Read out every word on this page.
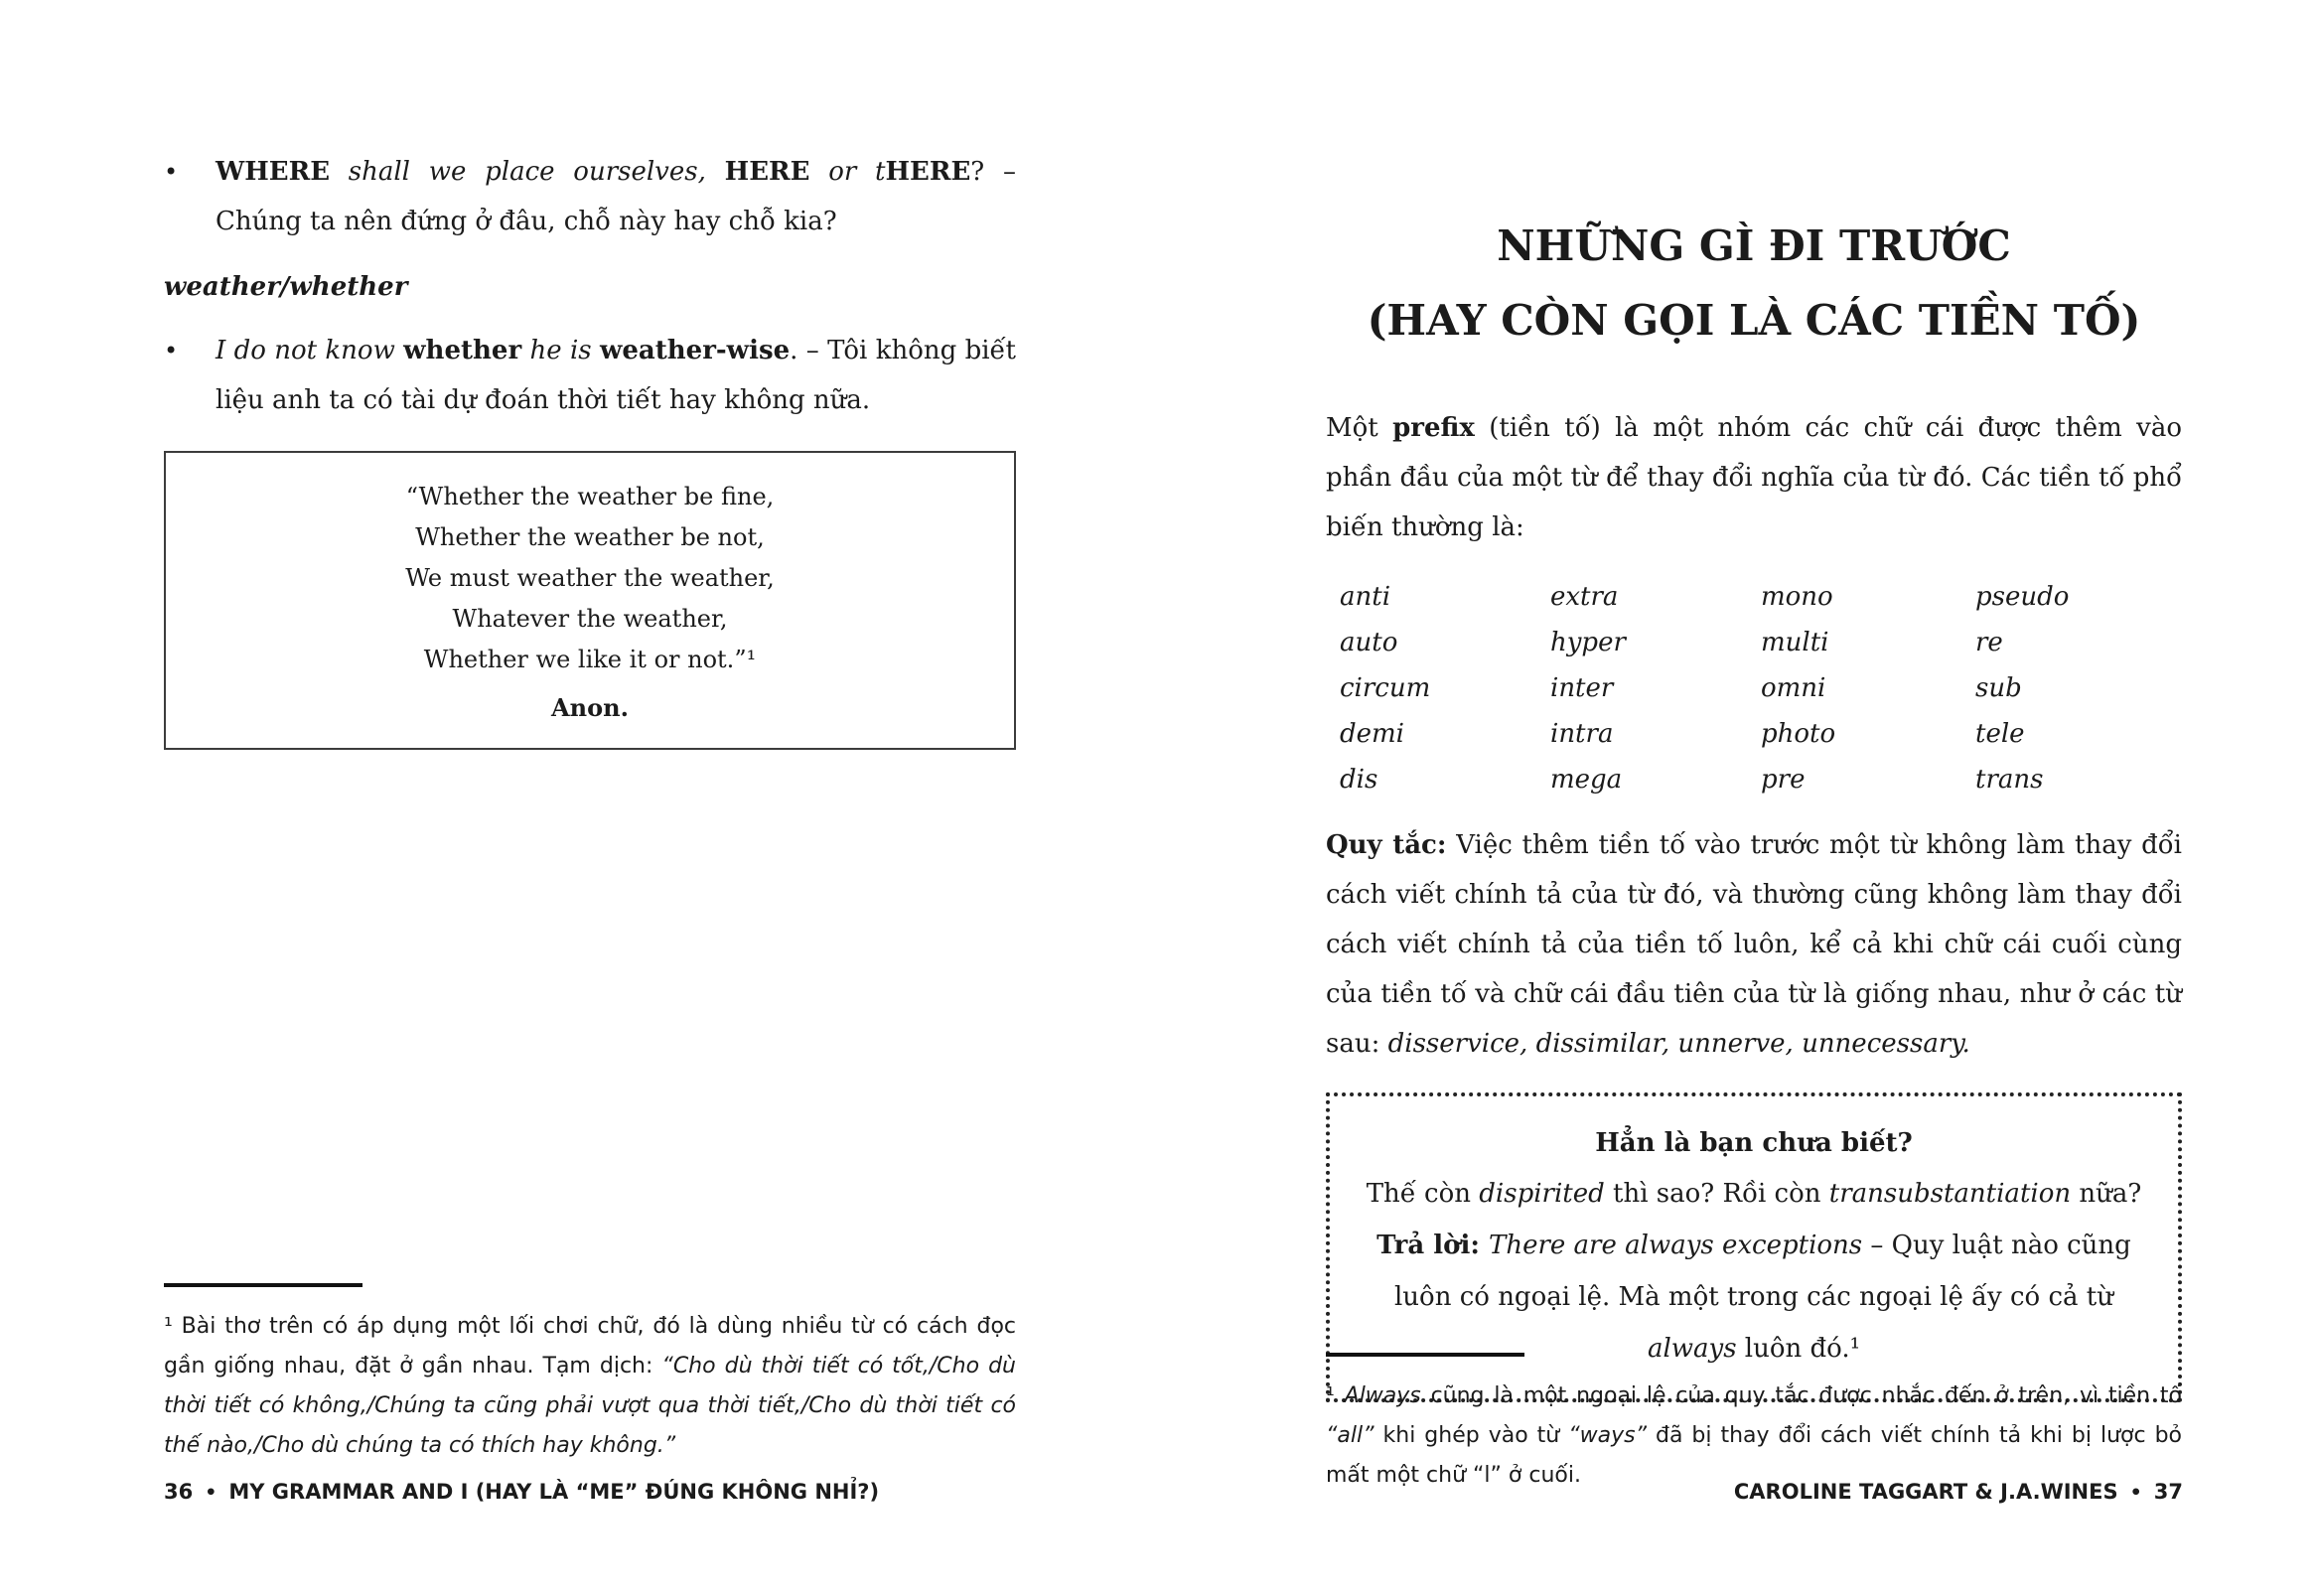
•	WHERE shall we place ourselves, HERE or tHERE? – Chúng ta nên đứng ở đâu, chỗ này hay chỗ kia?

weather/whether

•	I do not know whether he is weather-wise. – Tôi không biết liệu anh ta có tài dự đoán thời tiết hay không nữa.

“Whether the weather be fine,

Whether the weather be not,

We must weather the weather,

Whatever the weather,

Whether we like it or not.”¹

Anon.

¹ Bài thơ trên có áp dụng một lối chơi chữ, đó là dùng nhiều từ có cách đọc gần giống nhau, đặt ở gần nhau. Tạm dịch: “Cho dù thời tiết có tốt,/Cho dù thời tiết có không,/Chúng ta cũng phải vượt qua thời tiết,/Cho dù thời tiết có thế nào,/Cho dù chúng ta có thích hay không.”

36 • MY GRAMMAR AND I (HAY LÀ “ME” ĐÚNG KHÔNG NHỈ?)
NHỮNG GÌ ĐI TRƯỚC
(HAY CÒN GỌI LÀ CÁC TIỀN TỐ)

Một prefix (tiền tố) là một nhóm các chữ cái được thêm vào phần đầu của một từ để thay đổi nghĩa của từ đó. Các tiền tố phổ biến thường là:

anti	extra	mono	pseudo
auto	hyper	multi	re
circum	inter	omni	sub
demi	intra	photo	tele
dis	mega	pre	trans

Quy tắc: Việc thêm tiền tố vào trước một từ không làm thay đổi cách viết chính tả của từ đó, và thường cũng không làm thay đổi cách viết chính tả của tiền tố luôn, kể cả khi chữ cái cuối cùng của tiền tố và chữ cái đầu tiên của từ là giống nhau, như ở các từ sau: disservice, dissimilar, unnerve, unnecessary.

Hẳn là bạn chưa biết?

Thế còn dispirited thì sao? Rồi còn transubstantiation nữa?

Trả lời: There are always exceptions – Quy luật nào cũng luôn có ngoại lệ. Mà một trong các ngoại lệ ấy có cả từ always luôn đó.¹

¹ Always cũng là một ngoại lệ của quy tắc được nhắc đến ở trên, vì tiền tố “all” khi ghép vào từ “ways” đã bị thay đổi cách viết chính tả khi bị lược bỏ mất một chữ “l” ở cuối.

CAROLINE TAGGART & J.A.WINES • 37
